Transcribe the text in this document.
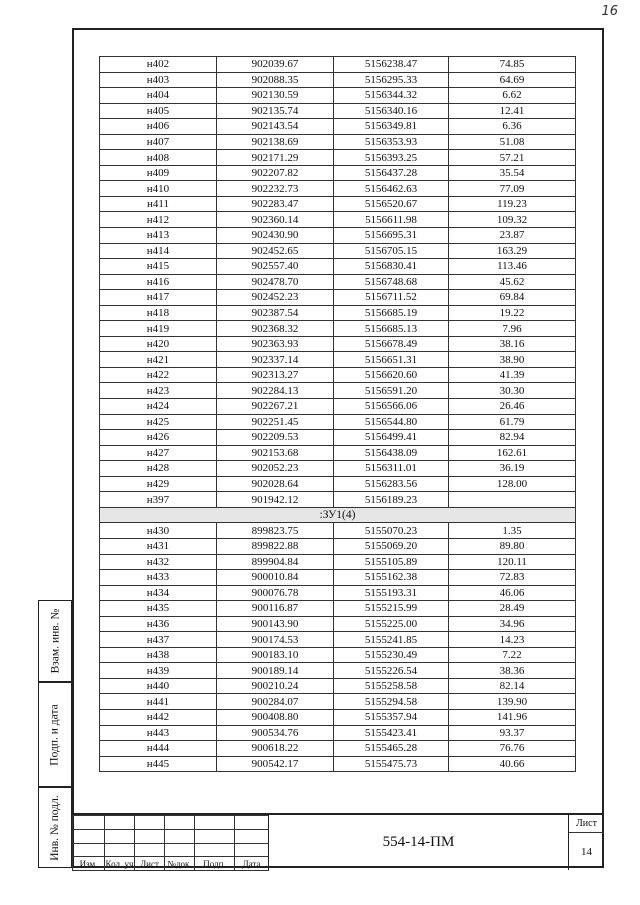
16
Взам. инв. №
Подп. и дата
Инв. № подл.
н402	902039.67	5156238.47	74.85
н403	902088.35	5156295.33	64.69
н404	902130.59	5156344.32	6.62
н405	902135.74	5156340.16	12.41
н406	902143.54	5156349.81	6.36
н407	902138.69	5156353.93	51.08
н408	902171.29	5156393.25	57.21
н409	902207.82	5156437.28	35.54
н410	902232.73	5156462.63	77.09
н411	902283.47	5156520.67	119.23
н412	902360.14	5156611.98	109.32
н413	902430.90	5156695.31	23.87
н414	902452.65	5156705.15	163.29
н415	902557.40	5156830.41	113.46
н416	902478.70	5156748.68	45.62
н417	902452.23	5156711.52	69.84
н418	902387.54	5156685.19	19.22
н419	902368.32	5156685.13	7.96
н420	902363.93	5156678.49	38.16
н421	902337.14	5156651.31	38.90
н422	902313.27	5156620.60	41.39
н423	902284.13	5156591.20	30.30
н424	902267.21	5156566.06	26.46
н425	902251.45	5156544.80	61.79
н426	902209.53	5156499.41	82.94
н427	902153.68	5156438.09	162.61
н428	902052.23	5156311.01	36.19
н429	902028.64	5156283.56	128.00
н397	901942.12	5156189.23	
:ЗУ1(4)			
н430	899823.75	5155070.23	1.35
н431	899822.88	5155069.20	89.80
н432	899904.84	5155105.89	120.11
н433	900010.84	5155162.38	72.83
н434	900076.78	5155193.31	46.06
н435	900116.87	5155215.99	28.49
н436	900143.90	5155225.00	34.96
н437	900174.53	5155241.85	14.23
н438	900183.10	5155230.49	7.22
н439	900189.14	5155226.54	38.36
н440	900210.24	5155258.58	82.14
н441	900284.07	5155294.58	139.90
н442	900408.80	5155357.94	141.96
н443	900534.76	5155423.41	93.37
н444	900618.22	5155465.28	76.76
н445	900542.17	5155475.73	40.66

Изм.	Кол. уч	Лист	№док.	Подп.	Дата
554-14-ПМ
Лист
14
